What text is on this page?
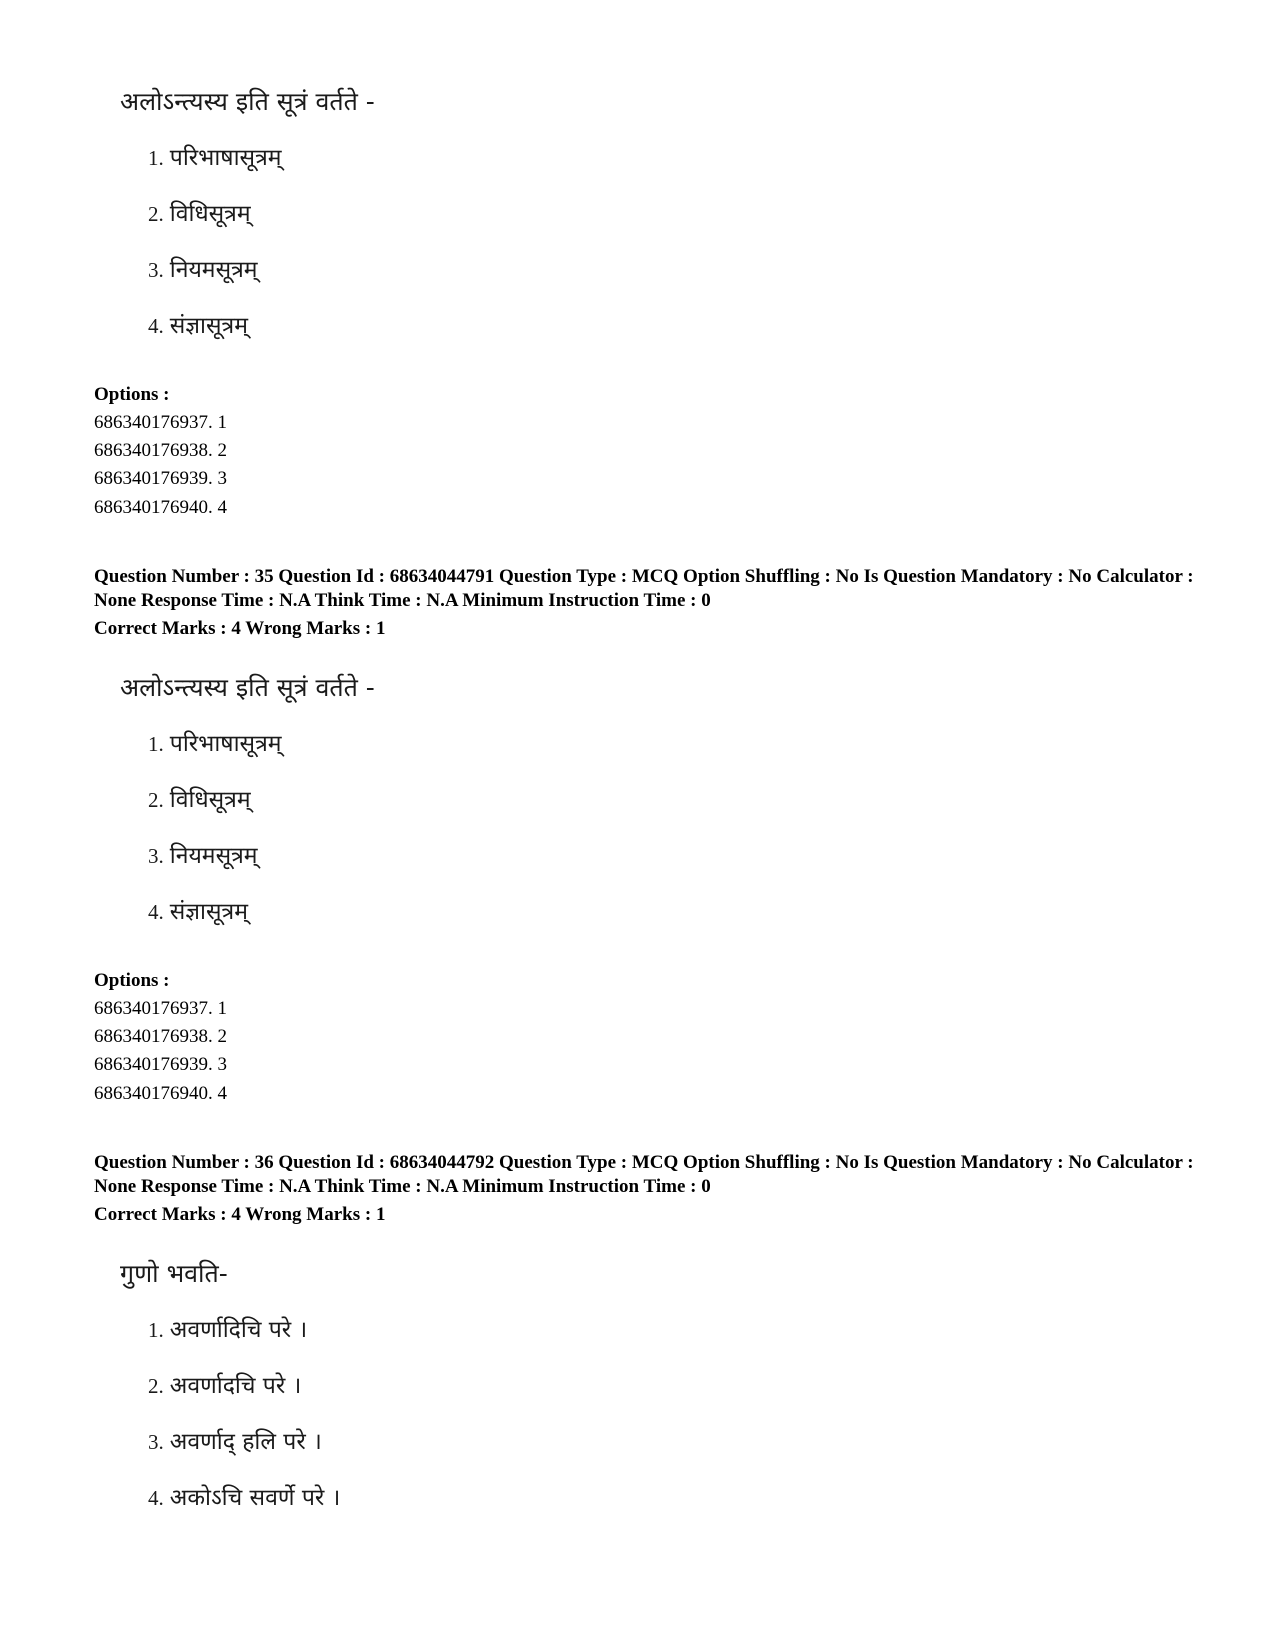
अलोऽन्त्यस्य इति सूत्रं वर्तते -
1. परिभाषासूत्रम्
2. विधिसूत्रम्
3. नियमसूत्रम्
4. संज्ञासूत्रम्
Options :
686340176937. 1
686340176938. 2
686340176939. 3
686340176940. 4
Question Number : 35 Question Id : 68634044791 Question Type : MCQ Option Shuffling : No Is Question Mandatory : No Calculator : None Response Time : N.A Think Time : N.A Minimum Instruction Time : 0
Correct Marks : 4 Wrong Marks : 1
अलोऽन्त्यस्य इति सूत्रं वर्तते -
1. परिभाषासूत्रम्
2. विधिसूत्रम्
3. नियमसूत्रम्
4. संज्ञासूत्रम्
Options :
686340176937. 1
686340176938. 2
686340176939. 3
686340176940. 4
Question Number : 36 Question Id : 68634044792 Question Type : MCQ Option Shuffling : No Is Question Mandatory : No Calculator : None Response Time : N.A Think Time : N.A Minimum Instruction Time : 0
Correct Marks : 4 Wrong Marks : 1
गुणो भवति-
1. अवर्णादिचि परे ।
2. अवर्णादचि परे ।
3. अवर्णाद् हलि परे ।
4. अकोऽचि सवर्णे परे ।
